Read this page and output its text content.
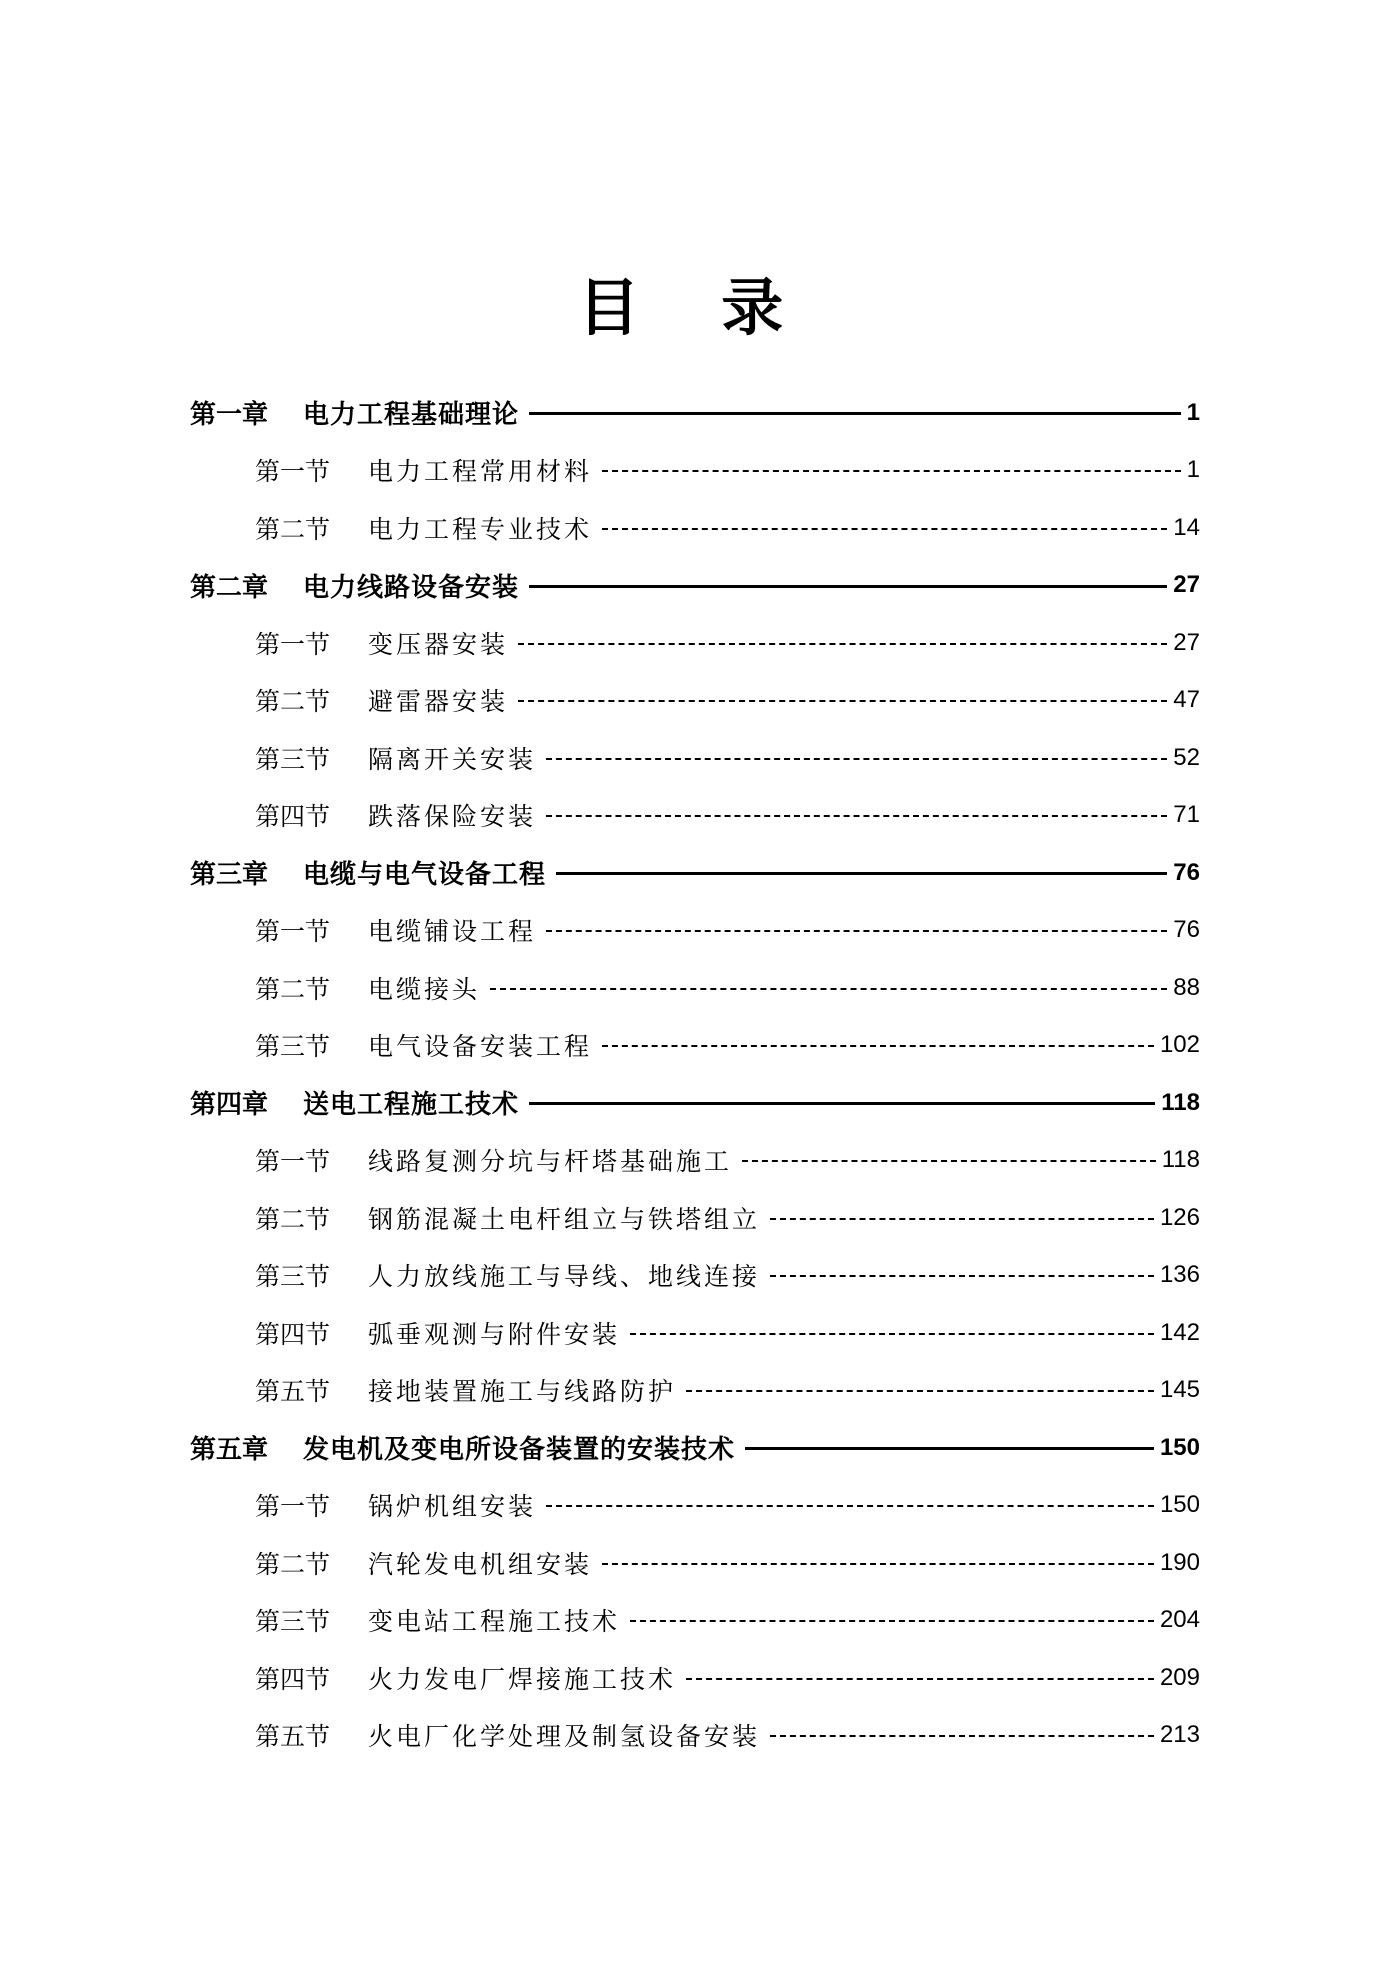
目 录
第一章	电力工程基础理论	1
第一节	电力工程常用材料	1
第二节	电力工程专业技术	14
第二章	电力线路设备安装	27
第一节	变压器安装	27
第二节	避雷器安装	47
第三节	隔离开关安装	52
第四节	跌落保险安装	71
第三章	电缆与电气设备工程	76
第一节	电缆铺设工程	76
第二节	电缆接头	88
第三节	电气设备安装工程	102
第四章	送电工程施工技术	118
第一节	线路复测分坑与杆塔基础施工	118
第二节	钢筋混凝土电杆组立与铁塔组立	126
第三节	人力放线施工与导线、地线连接	136
第四节	弧垂观测与附件安装	142
第五节	接地装置施工与线路防护	145
第五章	发电机及变电所设备装置的安装技术	150
第一节	锅炉机组安装	150
第二节	汽轮发电机组安装	190
第三节	变电站工程施工技术	204
第四节	火力发电厂焊接施工技术	209
第五节	火电厂化学处理及制氢设备安装	213
